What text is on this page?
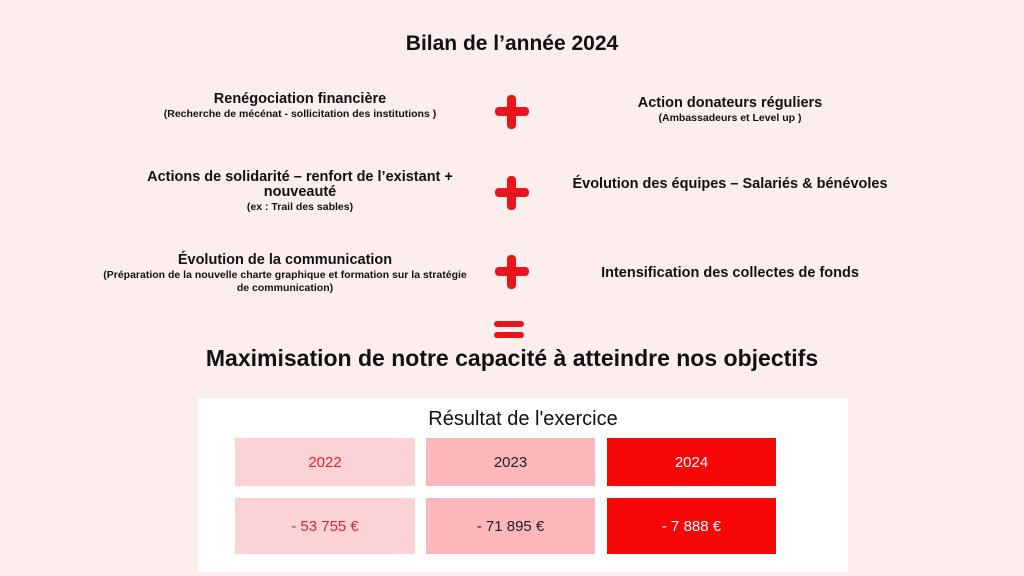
Bilan de l’année 2024
Renégociation financière
(Recherche de mécénat - sollicitation des institutions )
Actions de solidarité – renfort de l’existant + nouveauté
(ex : Trail des sables)
Évolution de la communication
(Préparation de la nouvelle charte graphique et formation sur la stratégie de communication)
Action donateurs réguliers
(Ambassadeurs et Level up )
Évolution des équipes – Salariés & bénévoles
Intensification des collectes de fonds
Maximisation de notre capacité à atteindre nos objectifs
Résultat de l'exercice
2022	2023	2024
- 53 755 €	- 71 895 €	- 7 888 €
